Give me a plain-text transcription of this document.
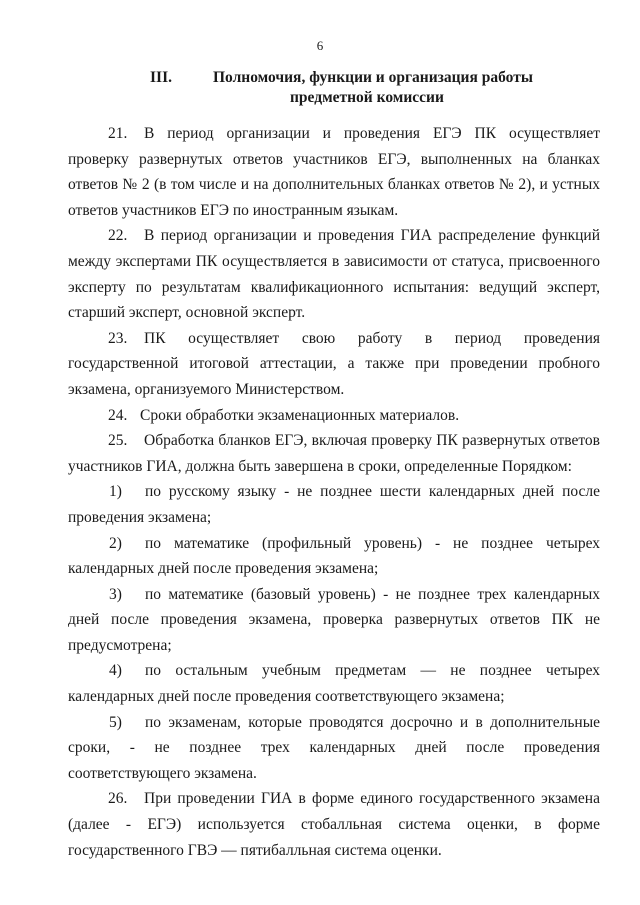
6
III.	Полномочия, функции и организация работы
предметной комиссии
21. В период организации и проведения ЕГЭ ПК осуществляет проверку развернутых ответов участников ЕГЭ, выполненных на бланках ответов № 2 (в том числе и на дополнительных бланках ответов № 2), и устных ответов участников ЕГЭ по иностранным языкам.
22. В период организации и проведения ГИА распределение функций между экспертами ПК осуществляется в зависимости от статуса, присвоенного эксперту по результатам квалификационного испытания: ведущий эксперт, старший эксперт, основной эксперт.
23. ПК осуществляет свою работу в период проведения государственной итоговой аттестации, а также при проведении пробного экзамена, организуемого Министерством.
24. Сроки обработки экзаменационных материалов.
25. Обработка бланков ЕГЭ, включая проверку ПК развернутых ответов участников ГИА, должна быть завершена в сроки, определенные Порядком:
1) по русскому языку - не позднее шести календарных дней после проведения экзамена;
2) по математике (профильный уровень) - не позднее четырех календарных дней после проведения экзамена;
3) по математике (базовый уровень) - не позднее трех календарных дней после проведения экзамена, проверка развернутых ответов ПК не предусмотрена;
4) по остальным учебным предметам — не позднее четырех календарных дней после проведения соответствующего экзамена;
5) по экзаменам, которые проводятся досрочно и в дополнительные сроки, - не позднее трех календарных дней после проведения соответствующего экзамена.
26. При проведении ГИА в форме единого государственного экзамена (далее - ЕГЭ) используется стобалльная система оценки, в форме государственного ГВЭ — пятибалльная система оценки.
